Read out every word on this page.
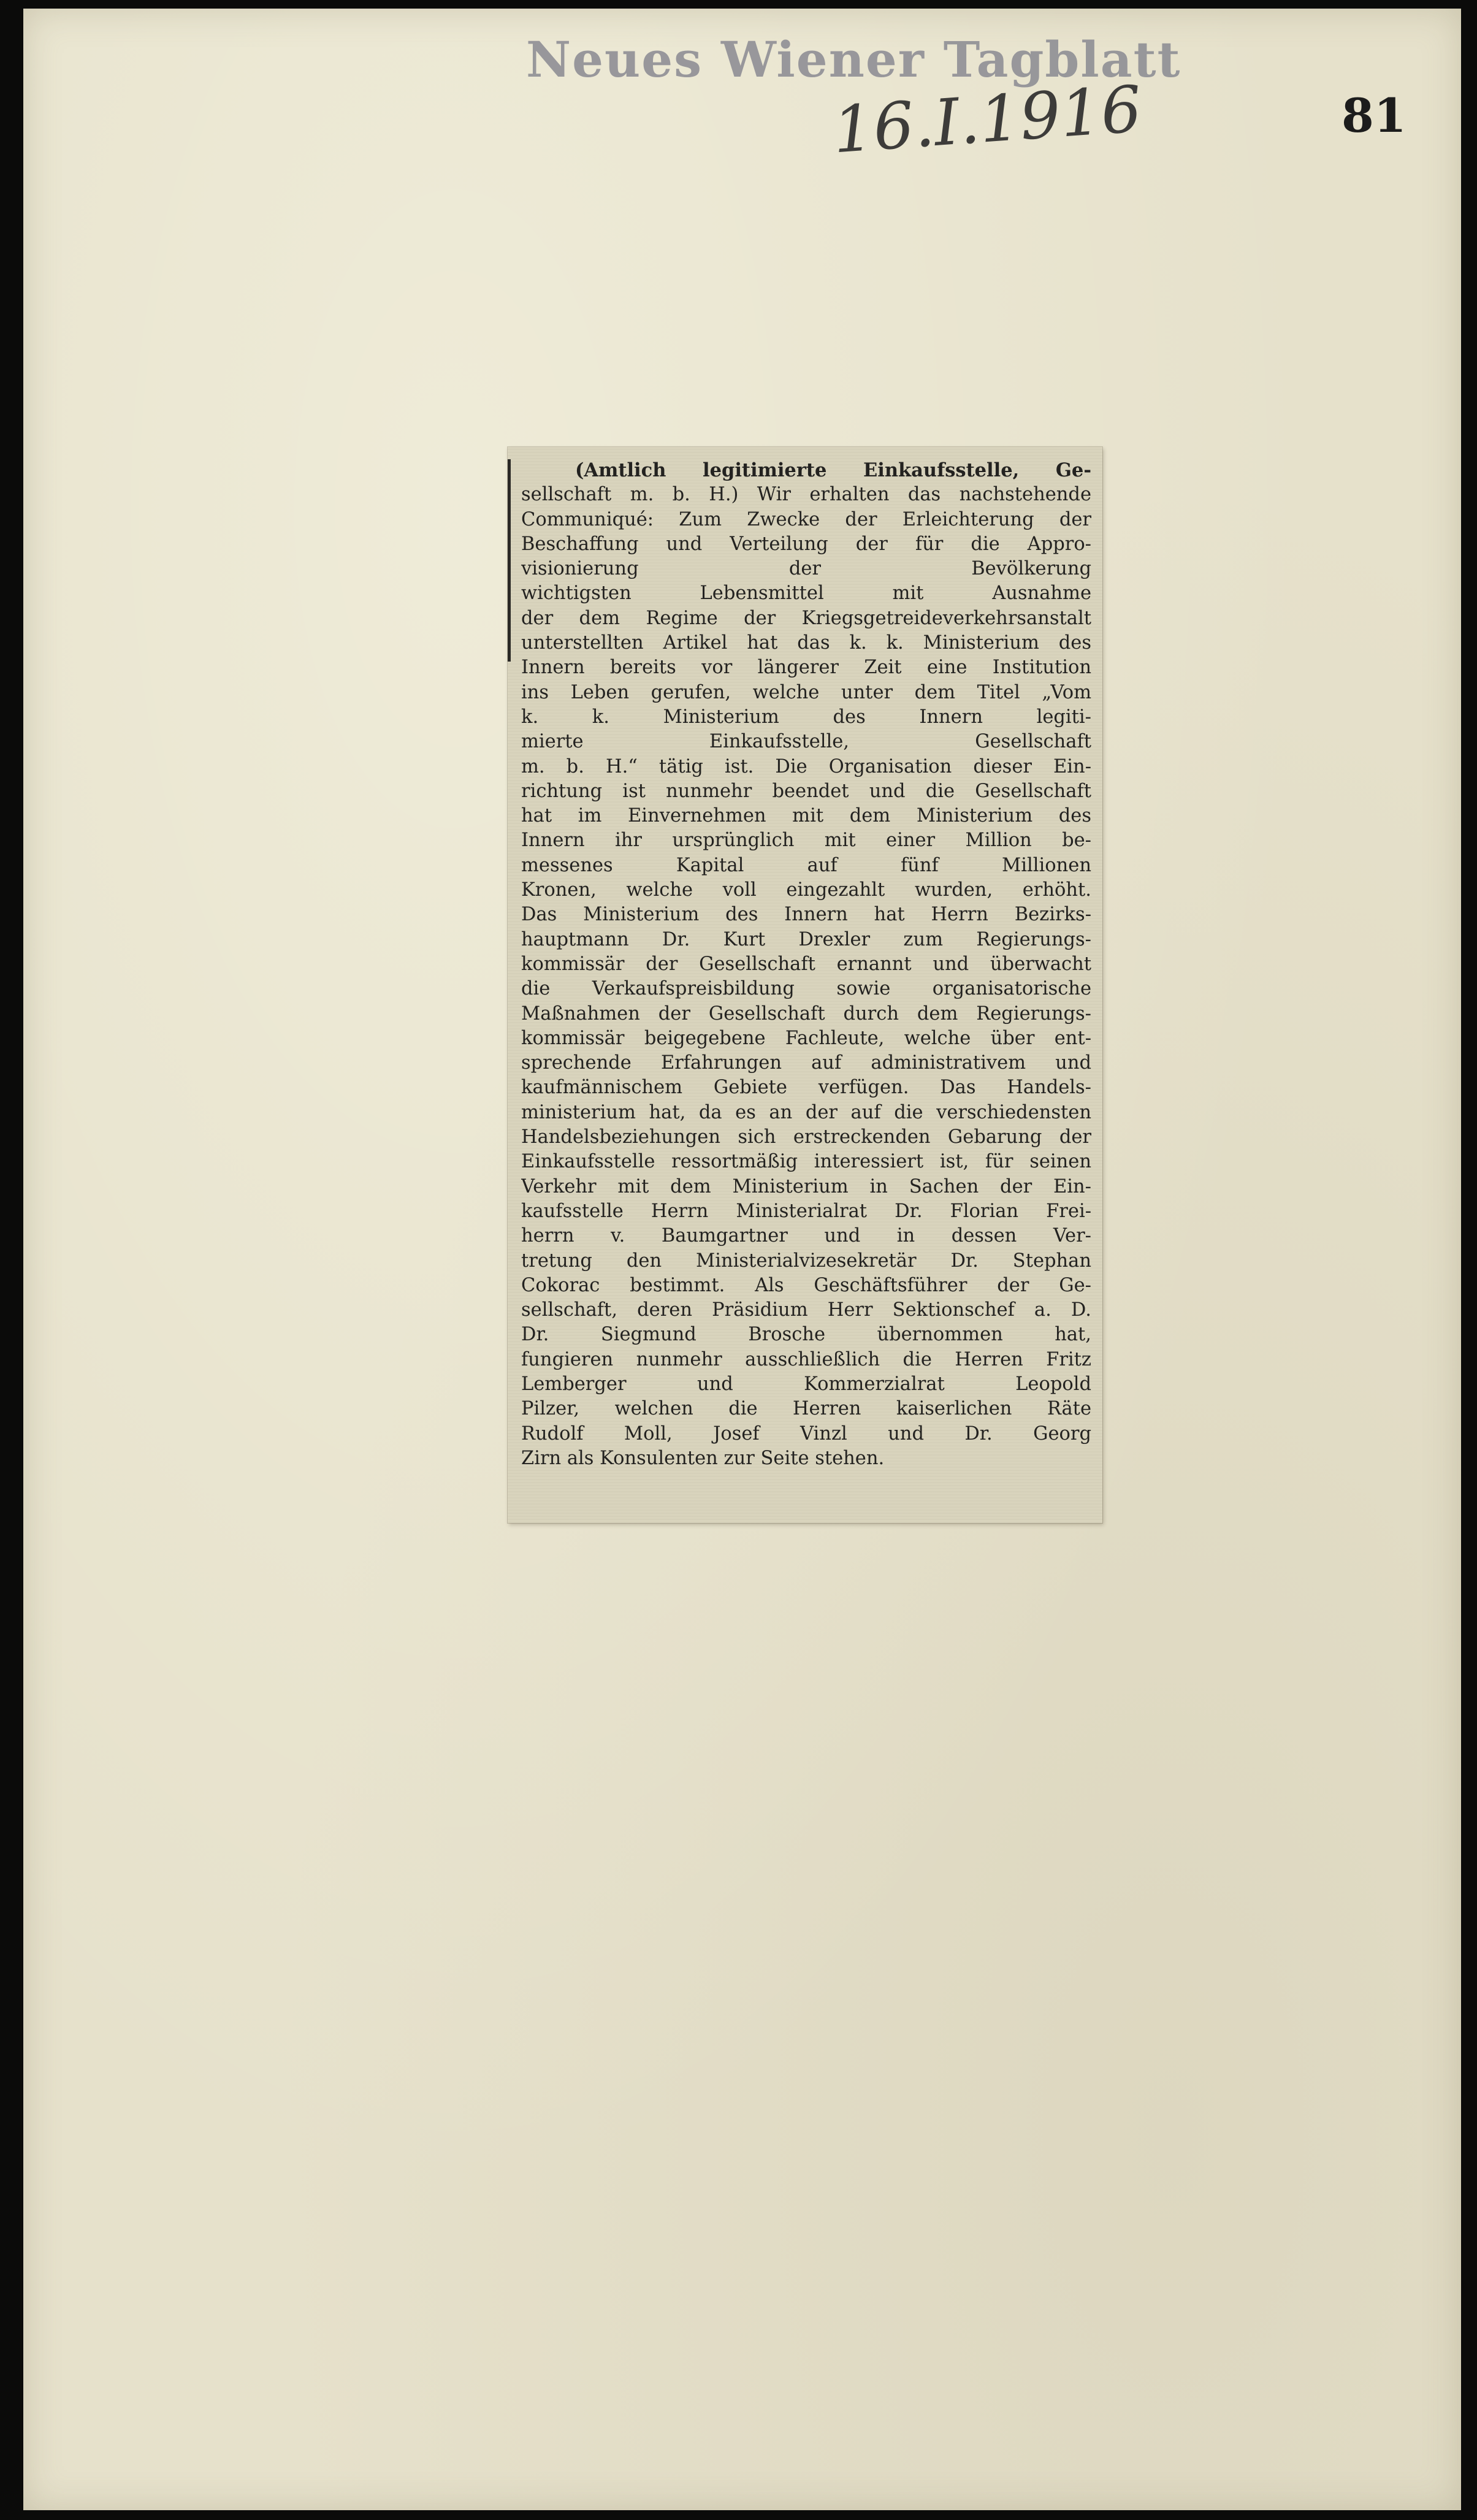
Neues Wiener Tagblatt
16.I.1916	81
(Amtlich legitimierte Einkaufsstelle, Ge-
sellschaft m. b. H.) Wir erhalten das nachstehende
Communiqué: Zum Zwecke der Erleichterung der
Beschaffung und Verteilung der für die Appro-
visionierung der Bevölkerung
wichtigsten Lebensmittel mit Ausnahme
der dem Regime der Kriegsgetreideverkehrsanstalt
unterstellten Artikel hat das k. k. Ministerium des
Innern bereits vor längerer Zeit eine Institution
ins Leben gerufen, welche unter dem Titel „Vom
k. k. Ministerium des Innern legiti-
mierte Einkaufsstelle, Gesellschaft
m. b. H.“ tätig ist. Die Organisation dieser Ein-
richtung ist nunmehr beendet und die Gesellschaft
hat im Einvernehmen mit dem Ministerium des
Innern ihr ursprünglich mit einer Million be-
messenes Kapital auf fünf Millionen
Kronen, welche voll eingezahlt wurden, erhöht.
Das Ministerium des Innern hat Herrn Bezirks-
hauptmann Dr. Kurt Drexler zum Regierungs-
kommissär der Gesellschaft ernannt und überwacht
die Verkaufspreisbildung sowie organisatorische
Maßnahmen der Gesellschaft durch dem Regierungs-
kommissär beigegebene Fachleute, welche über ent-
sprechende Erfahrungen auf administrativem und
kaufmännischem Gebiete verfügen. Das Handels-
ministerium hat, da es an der auf die verschiedensten
Handelsbeziehungen sich erstreckenden Gebarung der
Einkaufsstelle ressortmäßig interessiert ist, für seinen
Verkehr mit dem Ministerium in Sachen der Ein-
kaufsstelle Herrn Ministerialrat Dr. Florian Frei-
herrn v. Baumgartner und in dessen Ver-
tretung den Ministerialvizesekretär Dr. Stephan
Cokorac bestimmt. Als Geschäftsführer der Ge-
sellschaft, deren Präsidium Herr Sektionschef a. D.
Dr. Siegmund Brosche übernommen hat,
fungieren nunmehr ausschließlich die Herren Fritz
Lemberger und Kommerzialrat Leopold
Pilzer, welchen die Herren kaiserlichen Räte
Rudolf Moll, Josef Vinzl und Dr. Georg
Zirn als Konsulenten zur Seite stehen.
